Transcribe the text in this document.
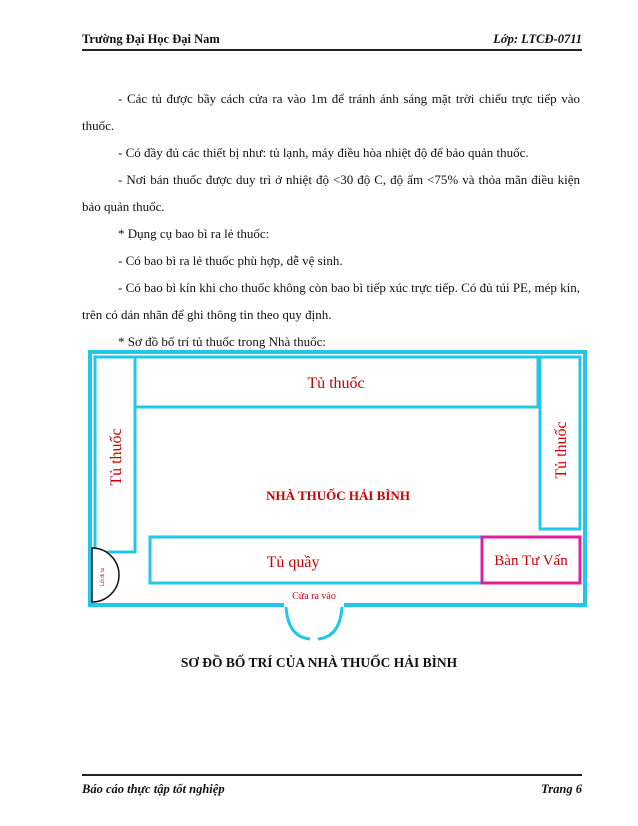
Trường Đại Học Đại Nam	Lớp: LTCĐ-0711

- Các tủ được bầy cách cửa ra vào 1m để tránh ánh sáng mặt trời chiếu trực tiếp vào thuốc.

- Có đầy đủ các thiết bị như: tủ lạnh, máy điều hòa nhiệt độ để bảo quản thuốc.

- Nơi bán thuốc được duy trì ở nhiệt độ <30 độ C, độ ẩm <75% và thỏa mãn điều kiện bảo quản thuốc.

* Dụng cụ bao bì ra lẻ thuốc:

- Có bao bì ra lẻ thuốc phù hợp, dễ vệ sinh.

- Có bao bì kín khi cho thuốc không còn bao bì tiếp xúc trực tiếp. Có đủ túi PE, mép kín, trên có dán nhãn để ghi thông tin theo quy định.

* Sơ đồ bố trí tủ thuốc trong Nhà thuốc:

Tủ thuốc
Tủ thuốc	Tủ thuốc
NHÀ THUỐC HẢI BÌNH
Tủ quầy	Bàn Tư Vấn
Cửa ra vào
Lối đi ra
SƠ ĐỒ BỐ TRÍ CỦA NHÀ THUỐC HẢI BÌNH
Báo cáo thực tập tốt nghiệp	Trang 6
